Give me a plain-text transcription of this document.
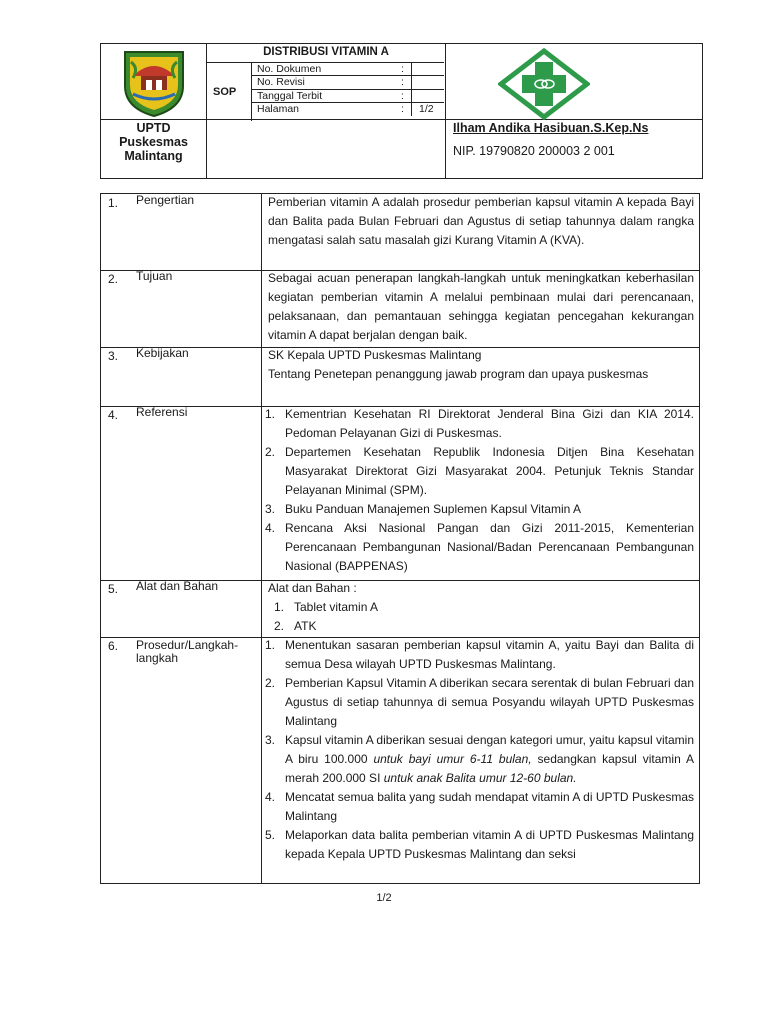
DISTRIBUSI VITAMIN A
SOP
No. Dokumen	:
No. Revisi	:
Tanggal Terbit	:
Halaman	: 1/2
UPTD
Puskesmas
Malintang
Ilham Andika Hasibuan.S.Kep.Ns
NIP. 19790820 200003 2 001
1. Pengertian	Pemberian vitamin A adalah prosedur pemberian kapsul vitamin A kepada Bayi dan Balita pada Bulan Februari dan Agustus di setiap tahunnya dalam rangka mengatasi salah satu masalah gizi Kurang Vitamin A (KVA).

2. Tujuan	Sebagai acuan penerapan langkah-langkah untuk meningkatkan keberhasilan kegiatan pemberian vitamin A melalui pembinaan mulai dari perencanaan, pelaksanaan, dan pemantauan sehingga kegiatan pencegahan kekurangan vitamin A dapat berjalan dengan baik.

3. Kebijakan	SK Kepala UPTD Puskesmas Malintang

Tentang Penetepan penanggung jawab program dan upaya puskesmas

4. Referensi	1. Kementrian Kesehatan RI Direktorat Jenderal Bina Gizi dan KIA 2014. Pedoman Pelayanan Gizi di Puskesmas.
2. Departemen Kesehatan Republik Indonesia Ditjen Bina Kesehatan Masyarakat Direktorat Gizi Masyarakat 2004. Petunjuk Teknis Standar Pelayanan Minimal (SPM).
3. Buku Panduan Manajemen Suplemen Kapsul Vitamin A
4. Rencana Aksi Nasional Pangan dan Gizi 2011-2015, Kementerian Perencanaan Pembangunan Nasional/Badan Perencanaan Pembangunan Nasional (BAPPENAS)
5. Alat dan Bahan	Alat dan Bahan :

1. Tablet vitamin A
2. ATK
6. Prosedur/Langkah-langkah
1. Menentukan sasaran pemberian kapsul vitamin A, yaitu Bayi dan Balita di semua Desa wilayah UPTD Puskesmas Malintang.
2. Pemberian Kapsul Vitamin A diberikan secara serentak di bulan Februari dan Agustus di setiap tahunnya di semua Posyandu wilayah UPTD Puskesmas Malintang
3. Kapsul vitamin A diberikan sesuai dengan kategori umur, yaitu kapsul vitamin A biru 100.000 untuk bayi umur 6-11 bulan, sedangkan kapsul vitamin A merah 200.000 SI untuk anak Balita umur 12-60 bulan.
4. Mencatat semua balita yang sudah mendapat vitamin A di UPTD Puskesmas Malintang
5. Melaporkan data balita pemberian vitamin A di UPTD Puskesmas Malintang kepada Kepala UPTD Puskesmas Malintang dan seksi
1/2
